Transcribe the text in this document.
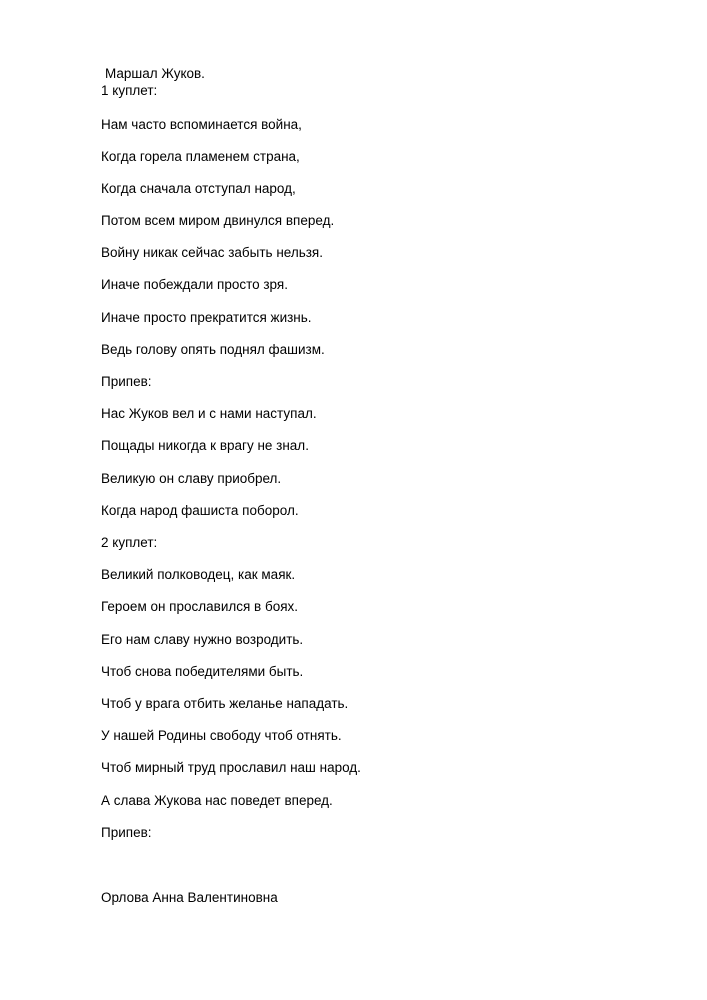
Маршал Жуков.
1 куплет:
Нам часто вспоминается война,
Когда горела пламенем страна,
Когда сначала отступал народ,
Потом всем миром двинулся вперед.
Войну никак сейчас забыть нельзя.
Иначе побеждали просто зря.
Иначе просто прекратится жизнь.
Ведь голову опять поднял фашизм.
Припев:
Нас Жуков вел и с нами наступал.
Пощады никогда к врагу не знал.
Великую он славу приобрел.
Когда народ фашиста поборол.
2 куплет:
Великий полководец, как маяк.
Героем он прославился в боях.
Его нам славу нужно возродить.
Чтоб снова победителями быть.
Чтоб у врага отбить желанье нападать.
У нашей Родины свободу чтоб отнять.
Чтоб мирный труд прославил наш народ.
А слава Жукова нас поведет вперед.
Припев:
Орлова Анна Валентиновна
